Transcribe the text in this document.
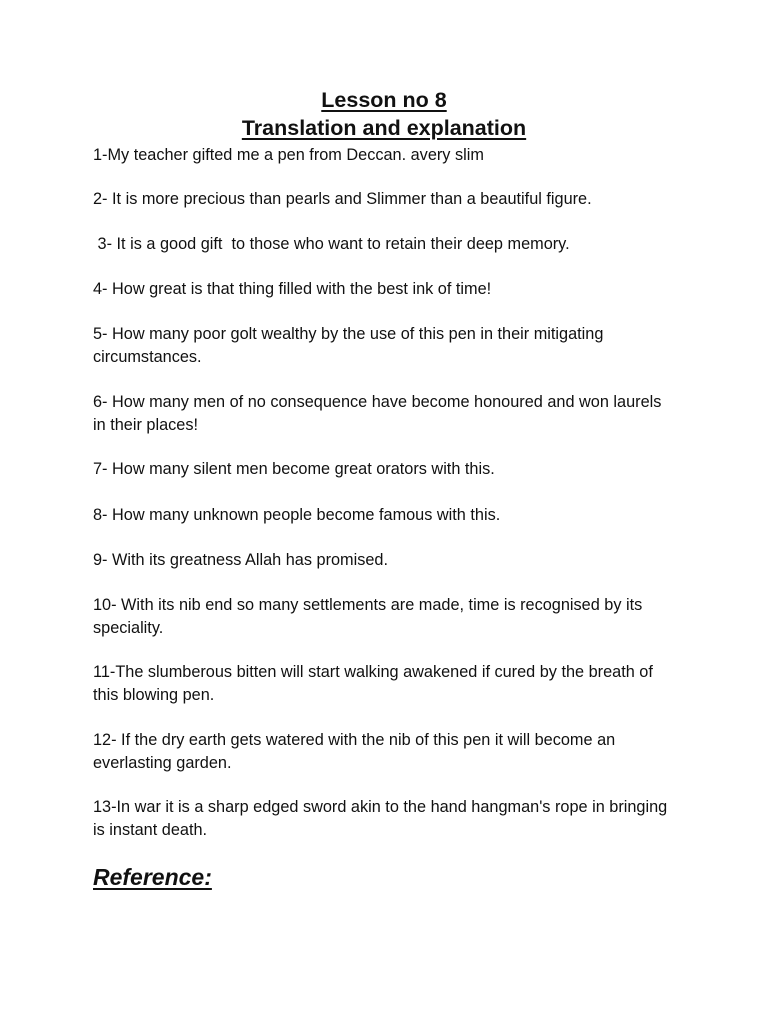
Lesson no 8
Translation and explanation

1-My teacher gifted me a pen from Deccan. avery slim

2- It is more precious than pearls and Slimmer than a beautiful figure.

3- It is a good gift  to those who want to retain their deep memory.

4- How great is that thing filled with the best ink of time!

5- How many poor golt wealthy by the use of this pen in their mitigating circumstances.

6- How many men of no consequence have become honoured and won laurels in their places!

7- How many silent men become great orators with this.

8- How many unknown people become famous with this.

9- With its greatness Allah has promised.

10- With its nib end so many settlements are made, time is recognised by its speciality.

11-The slumberous bitten will start walking awakened if cured by the breath of this blowing pen.

12- If the dry earth gets watered with the nib of this pen it will become an everlasting garden.

13-In war it is a sharp edged sword akin to the hand hangman's rope in bringing is instant death.

Reference:
